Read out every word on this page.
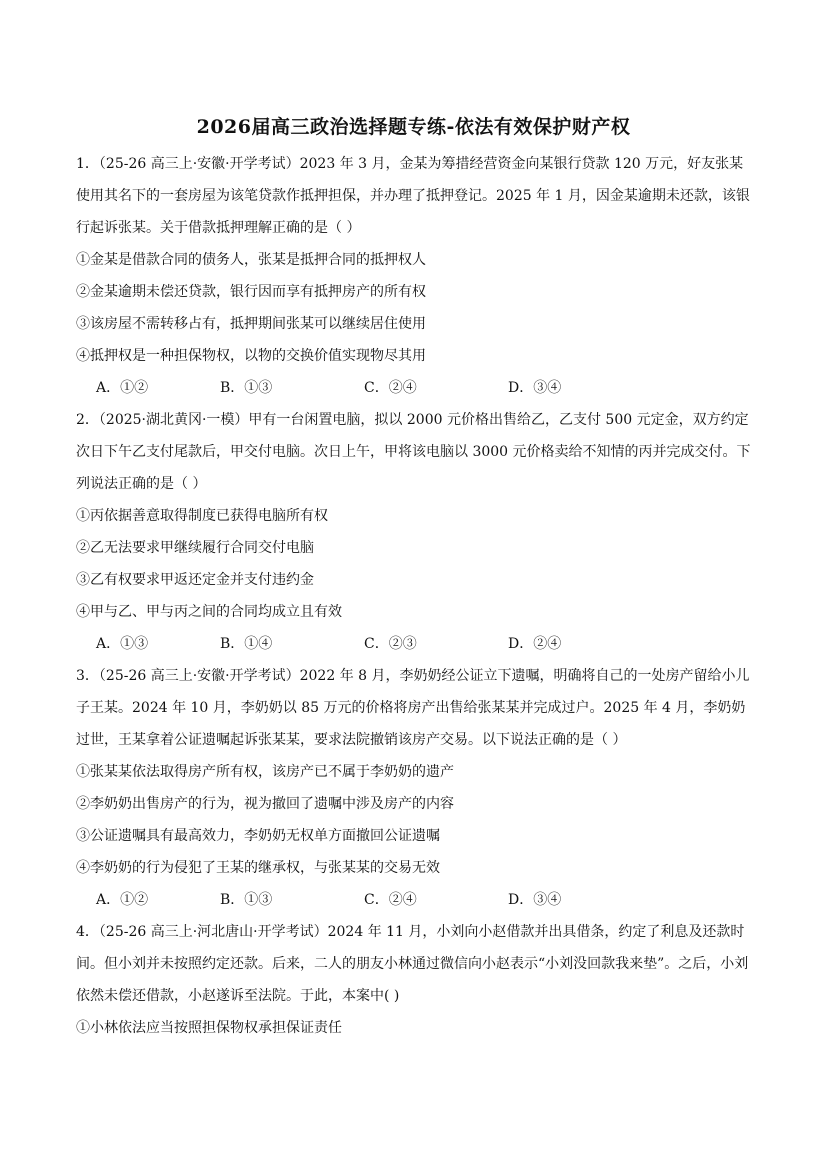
2026届高三政治选择题专练-依法有效保护财产权

1．（25-26 高三上·安徽·开学考试）2023 年 3 月，金某为筹措经营资金向某银行贷款 120 万元，好友张某使用其名下的一套房屋为该笔贷款作抵押担保，并办理了抵押登记。2025 年 1 月，因金某逾期未还款，该银行起诉张某。关于借款抵押理解正确的是（ ）

①金某是借款合同的债务人，张某是抵押合同的抵押权人
②金某逾期未偿还贷款，银行因而享有抵押房产的所有权
③该房屋不需转移占有，抵押期间张某可以继续居住使用
④抵押权是一种担保物权，以物的交换价值实现物尽其用
A．①②	B．①③	C．②④	D．③④

2．（2025·湖北黄冈·一模）甲有一台闲置电脑，拟以 2000 元价格出售给乙，乙支付 500 元定金，双方约定次日下午乙支付尾款后，甲交付电脑。次日上午，甲将该电脑以 3000 元价格卖给不知情的丙并完成交付。下列说法正确的是（ ）

①丙依据善意取得制度已获得电脑所有权
②乙无法要求甲继续履行合同交付电脑
③乙有权要求甲返还定金并支付违约金
④甲与乙、甲与丙之间的合同均成立且有效
A．①③	B．①④	C．②③	D．②④

3．（25-26 高三上·安徽·开学考试）2022 年 8 月，李奶奶经公证立下遗嘱，明确将自己的一处房产留给小儿子王某。2024 年 10 月，李奶奶以 85 万元的价格将房产出售给张某某并完成过户。2025 年 4 月，李奶奶过世，王某拿着公证遗嘱起诉张某某，要求法院撤销该房产交易。以下说法正确的是（ ）

①张某某依法取得房产所有权，该房产已不属于李奶奶的遗产
②李奶奶出售房产的行为，视为撤回了遗嘱中涉及房产的内容
③公证遗嘱具有最高效力，李奶奶无权单方面撤回公证遗嘱
④李奶奶的行为侵犯了王某的继承权，与张某某的交易无效
A．①②	B．①③	C．②④	D．③④

4．（25-26 高三上·河北唐山·开学考试）2024 年 11 月，小刘向小赵借款并出具借条，约定了利息及还款时间。但小刘并未按照约定还款。后来，二人的朋友小林通过微信向小赵表示“小刘没回款我来垫”。之后，小刘依然未偿还借款，小赵遂诉至法院。于此，本案中( )

①小林依法应当按照担保物权承担保证责任
